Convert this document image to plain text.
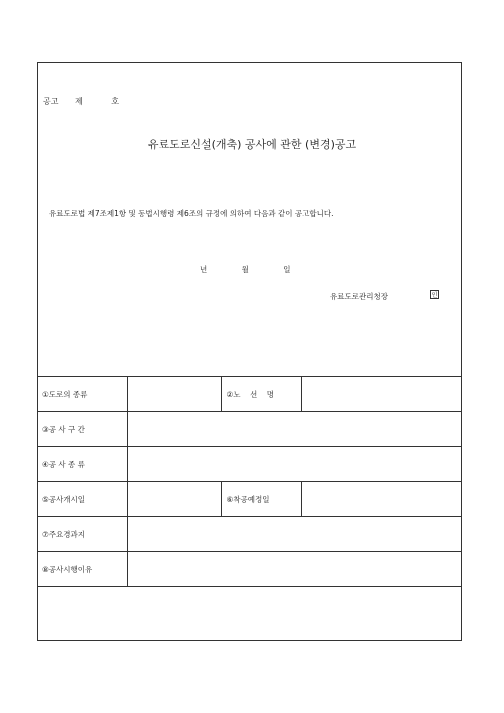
공고 제	호
유료도로신설(개축) 공사에 관한 (변경)공고
유료도로법 제7조제1항 및 동법시행령 제6조의 규정에 의하여 다음과 같이 공고합니다.
년	월	일
유료도로관리청장	인
①도로의 종류		②노    선    명	
③공 사 구 간			
④공 사 종 류			
⑤공사개시일		⑥착공예정일	
⑦주요경과지			
⑧공사시행이유			
